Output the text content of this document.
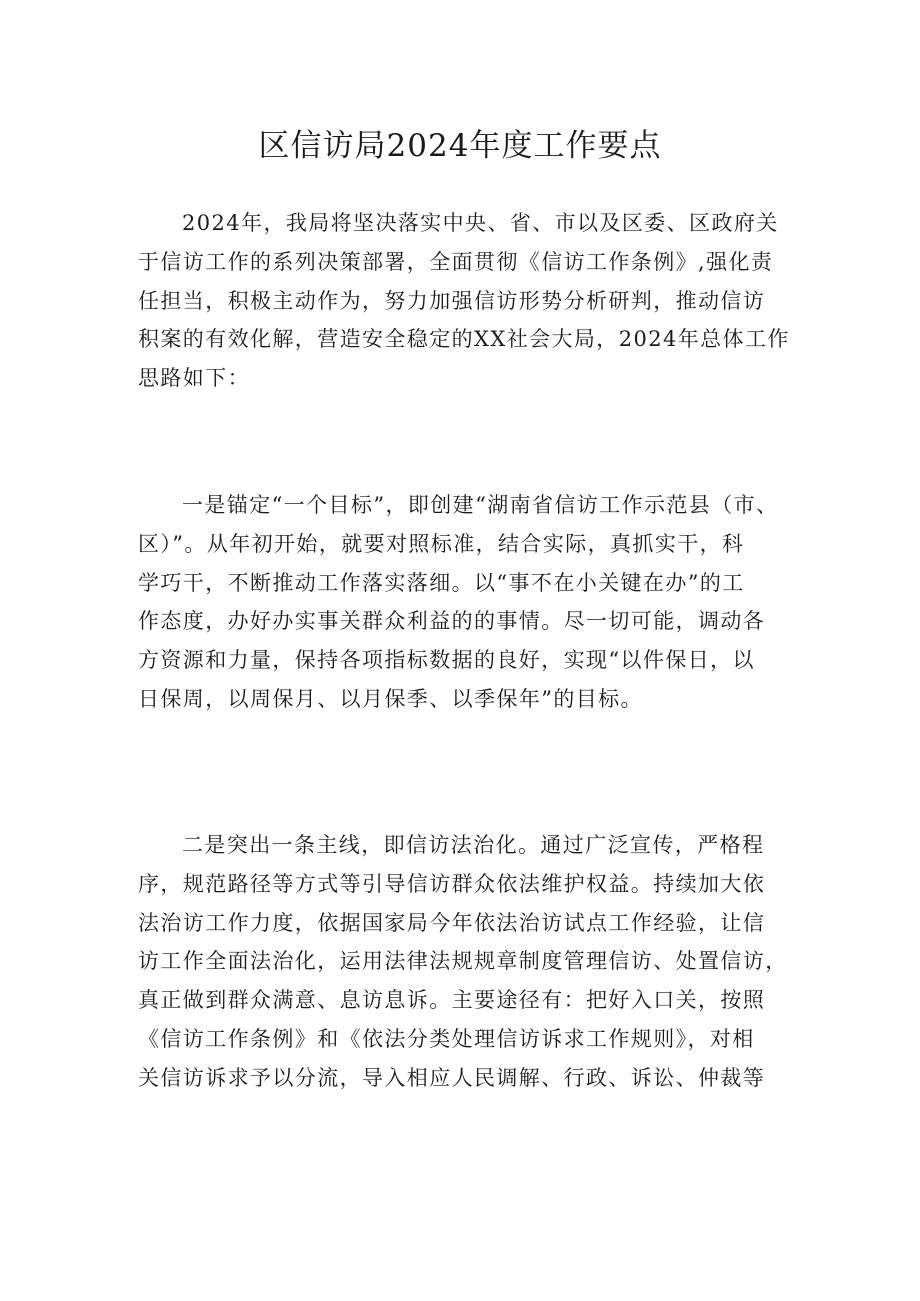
区信访局2024年度工作要点
2024年，我局将坚决落实中央、省、市以及区委、区政府关
于信访工作的系列决策部署，全面贯彻《信访工作条例》,强化责
任担当，积极主动作为，努力加强信访形势分析研判，推动信访
积案的有效化解，营造安全稳定的XX社会大局，2024年总体工作
思路如下：
一是锚定“一个目标”，即创建“湖南省信访工作示范县（市、
区）”。从年初开始，就要对照标准，结合实际，真抓实干，科
学巧干，不断推动工作落实落细。以“事不在小关键在办”的工
作态度，办好办实事关群众利益的的事情。尽一切可能，调动各
方资源和力量，保持各项指标数据的良好，实现“以件保日，以
日保周，以周保月、以月保季、以季保年”的目标。
二是突出一条主线，即信访法治化。通过广泛宣传，严格程
序，规范路径等方式等引导信访群众依法维护权益。持续加大依
法治访工作力度，依据国家局今年依法治访试点工作经验，让信
访工作全面法治化，运用法律法规规章制度管理信访、处置信访，
真正做到群众满意、息访息诉。主要途径有：把好入口关，按照
《信访工作条例》和《依法分类处理信访诉求工作规则》，对相
关信访诉求予以分流，导入相应人民调解、行政、诉讼、仲裁等
